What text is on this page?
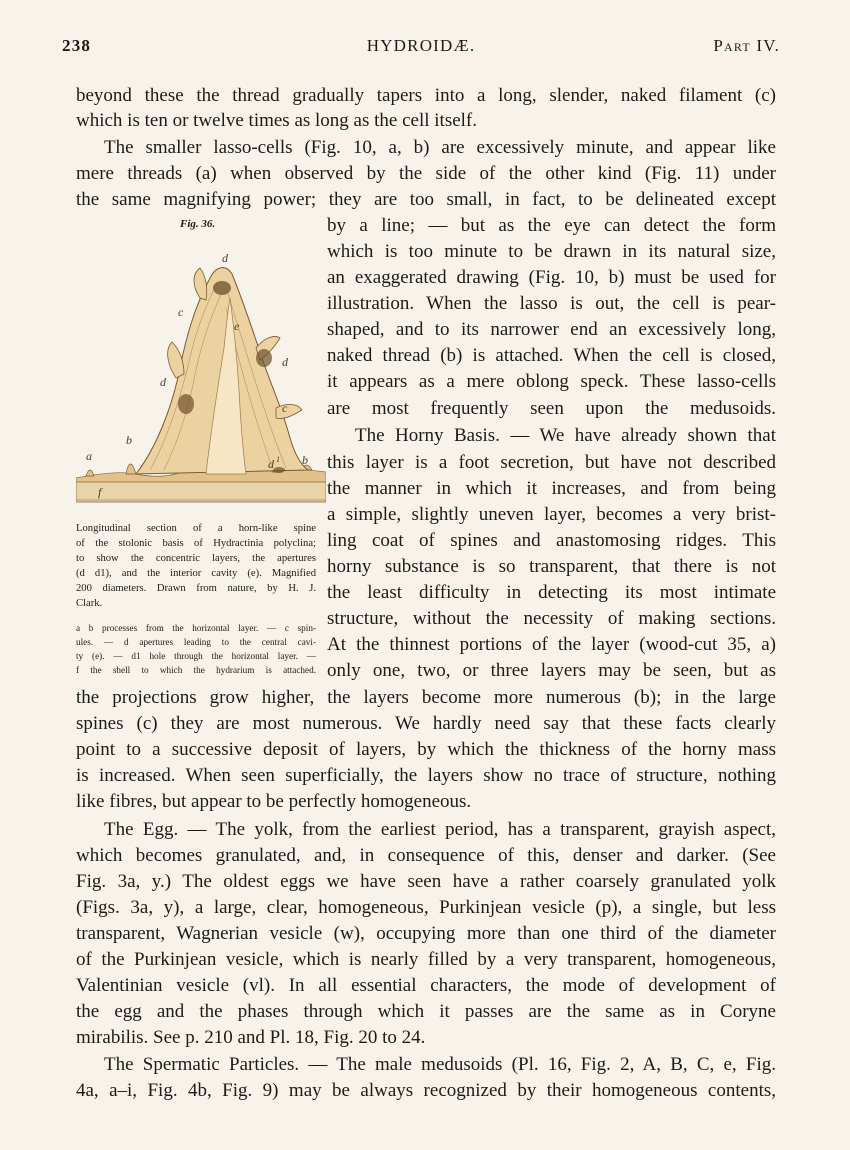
238	HYDROIDÆ.	Part IV.
beyond these the thread gradually tapers into a long, slender, naked filament (c)
which is ten or twelve times as long as the cell itself.
The smaller lasso-cells (Fig. 10, a, b) are excessively minute, and appear like
mere threads (a) when observed by the side of the other kind (Fig. 11) under
the same magnifying power; they are too small, in fact, to be delineated except
Fig. 36.
d
e
c
d
d
c
b
a
d 1 b
f
Longitudinal section of a horn-like spine
of the stolonic basis of Hydractinia polyclina;
to show the concentric layers, the apertures
(d d1), and the interior cavity (e). Magnified
200 diameters. Drawn from nature, by H. J.
Clark.
a b processes from the horizontal layer. — c spin-
ules. — d apertures leading to the central cavi-
ty (e). — d1 hole through the horizontal layer. —
f the shell to which the hydrarium is attached.
by a line; — but as the eye can detect the form
which is too minute to be drawn in its natural size,
an exaggerated drawing (Fig. 10, b) must be used for
illustration. When the lasso is out, the cell is pear-
shaped, and to its narrower end an excessively long,
naked thread (b) is attached. When the cell is closed,
it appears as a mere oblong speck. These lasso-cells
are most frequently seen upon the medusoids.
The Horny Basis. — We have already shown that
this layer is a foot secretion, but have not described
the manner in which it increases, and from being
a simple, slightly uneven layer, becomes a very brist-
ling coat of spines and anastomosing ridges. This
horny substance is so transparent, that there is not
the least difficulty in detecting its most intimate
structure, without the necessity of making sections.
At the thinnest portions of the layer (wood-cut 35, a)
only one, two, or three layers may be seen, but as
the projections grow higher, the layers become more numerous (b); in the large
spines (c) they are most numerous. We hardly need say that these facts clearly
point to a successive deposit of layers, by which the thickness of the horny mass
is increased. When seen superficially, the layers show no trace of structure, nothing
like fibres, but appear to be perfectly homogeneous.
The Egg. — The yolk, from the earliest period, has a transparent, grayish aspect,
which becomes granulated, and, in consequence of this, denser and darker. (See
Fig. 3a, y.) The oldest eggs we have seen have a rather coarsely granulated yolk
(Figs. 3a, y), a large, clear, homogeneous, Purkinjean vesicle (p), a single, but less
transparent, Wagnerian vesicle (w), occupying more than one third of the diameter
of the Purkinjean vesicle, which is nearly filled by a very transparent, homogeneous,
Valentinian vesicle (vl). In all essential characters, the mode of development of
the egg and the phases through which it passes are the same as in Coryne
mirabilis. See p. 210 and Pl. 18, Fig. 20 to 24.
The Spermatic Particles. — The male medusoids (Pl. 16, Fig. 2, A, B, C, e, Fig.
4a, a–i, Fig. 4b, Fig. 9) may be always recognized by their homogeneous contents,
